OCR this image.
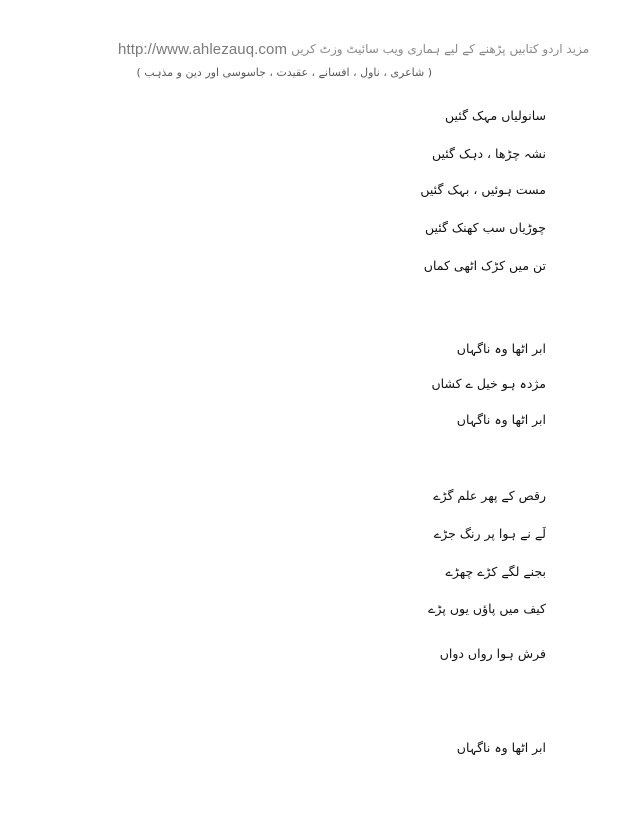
http://www.ahlezauq.com مزید اردو کتابیں پڑھنے کے لیے ہماری ویب سائیٹ وزٹ کریں
( شاعری ، ناول ، افسانے ، عقیدت ، جاسوسی اور دین و مذہب )
سانولیاں مہک گئیں
نشہ چڑھا ، دہک گئیں
مست ہوئیں ، بہک گئیں
چوڑیاں سب کھنک گئیں
تن میں کڑک اٹھی کماں
ابر اٹھا وہ ناگہاں
مژدہ ہو خیل ے کشاں
ابر اٹھا وہ ناگہاں
رقص کے پھر علم گڑے
لَے نے ہوا پر رنگ جڑے
بجنے لگے کڑے چھڑے
کیف میں پاؤں یوں پڑے
فرش ہوا رواں دواں
ابر اٹھا وہ ناگہاں
